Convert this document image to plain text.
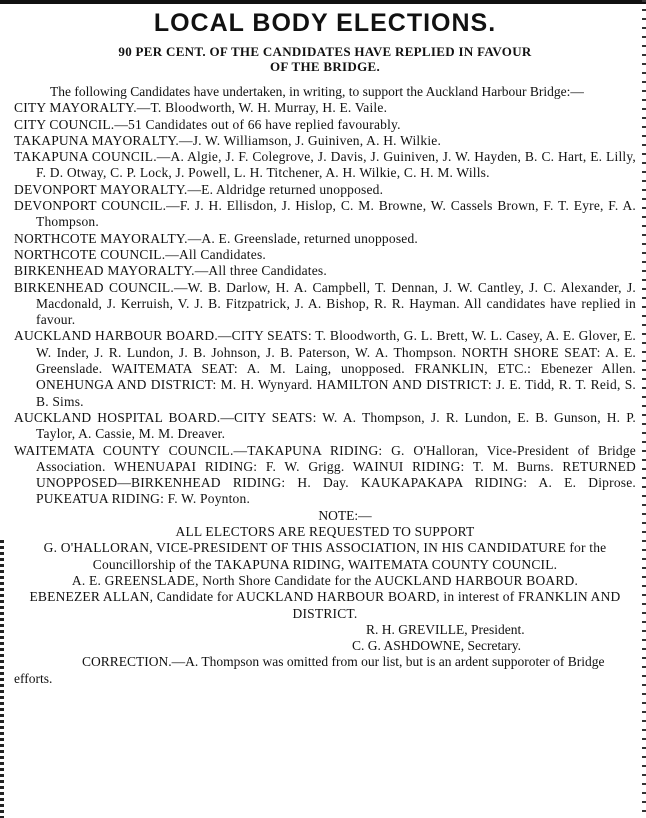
LOCAL BODY ELECTIONS.
90 PER CENT. OF THE CANDIDATES HAVE REPLIED IN FAVOUR
OF THE BRIDGE.

The following Candidates have undertaken, in writing, to support the Auckland Harbour Bridge:—

CITY MAYORALTY.—T. Bloodworth, W. H. Murray, H. E. Vaile.

CITY COUNCIL.—51 Candidates out of 66 have replied favourably.

TAKAPUNA MAYORALTY.—J. W. Williamson, J. Guiniven, A. H. Wilkie.

TAKAPUNA COUNCIL.—A. Algie, J. F. Colegrove, J. Davis, J. Guiniven, J. W. Hayden, B. C. Hart, E. Lilly, F. D. Otway, C. P. Lock, J. Powell, L. H. Titchener, A. H. Wilkie, C. H. M. Wills.

DEVONPORT MAYORALTY.—E. Aldridge returned unopposed.

DEVONPORT COUNCIL.—F. J. H. Ellisdon, J. Hislop, C. M. Browne, W. Cassels Brown, F. T. Eyre, F. A. Thompson.

NORTHCOTE MAYORALTY.—A. E. Greenslade, returned unopposed.

NORTHCOTE COUNCIL.—All Candidates.

BIRKENHEAD MAYORALTY.—All three Candidates.

BIRKENHEAD COUNCIL.—W. B. Darlow, H. A. Campbell, T. Dennan, J. W. Cantley, J. C. Alexander, J. Macdonald, J. Kerruish, V. J. B. Fitzpatrick, J. A. Bishop, R. R. Hayman. All candidates have replied in favour.

AUCKLAND HARBOUR BOARD.—CITY SEATS: T. Bloodworth, G. L. Brett, W. L. Casey, A. E. Glover, E. W. Inder, J. R. Lundon, J. B. Johnson, J. B. Paterson, W. A. Thompson. NORTH SHORE SEAT: A. E. Greenslade. WAITEMATA SEAT: A. M. Laing, unopposed. FRANKLIN, ETC.: Ebenezer Allen. ONEHUNGA AND DISTRICT: M. H. Wynyard. HAMILTON AND DISTRICT: J. E. Tidd, R. T. Reid, S. B. Sims.

AUCKLAND HOSPITAL BOARD.—CITY SEATS: W. A. Thompson, J. R. Lundon, E. B. Gunson, H. P. Taylor, A. Cassie, M. M. Dreaver.

WAITEMATA COUNTY COUNCIL.—TAKAPUNA RIDING: G. O'Halloran, Vice-President of Bridge Association. WHENUAPAI RIDING: F. W. Grigg. WAINUI RIDING: T. M. Burns. RETURNED UNOPPOSED—BIRKENHEAD RIDING: H. Day. KAUKAPAKAPA RIDING: A. E. Diprose. PUKEATUA RIDING: F. W. Poynton.

NOTE:—

ALL ELECTORS ARE REQUESTED TO SUPPORT

G. O'HALLORAN, VICE-PRESIDENT OF THIS ASSOCIATION, IN HIS CANDIDATURE for the Councillorship of the TAKAPUNA RIDING, WAITEMATA COUNTY COUNCIL.

A. E. GREENSLADE, North Shore Candidate for the AUCKLAND HARBOUR BOARD.

EBENEZER ALLAN, Candidate for AUCKLAND HARBOUR BOARD, in interest of FRANKLIN AND DISTRICT.

R. H. GREVILLE, President.

C. G. ASHDOWNE, Secretary.

CORRECTION.—A. Thompson was omitted from our list, but is an ardent supporoter of Bridge efforts.
